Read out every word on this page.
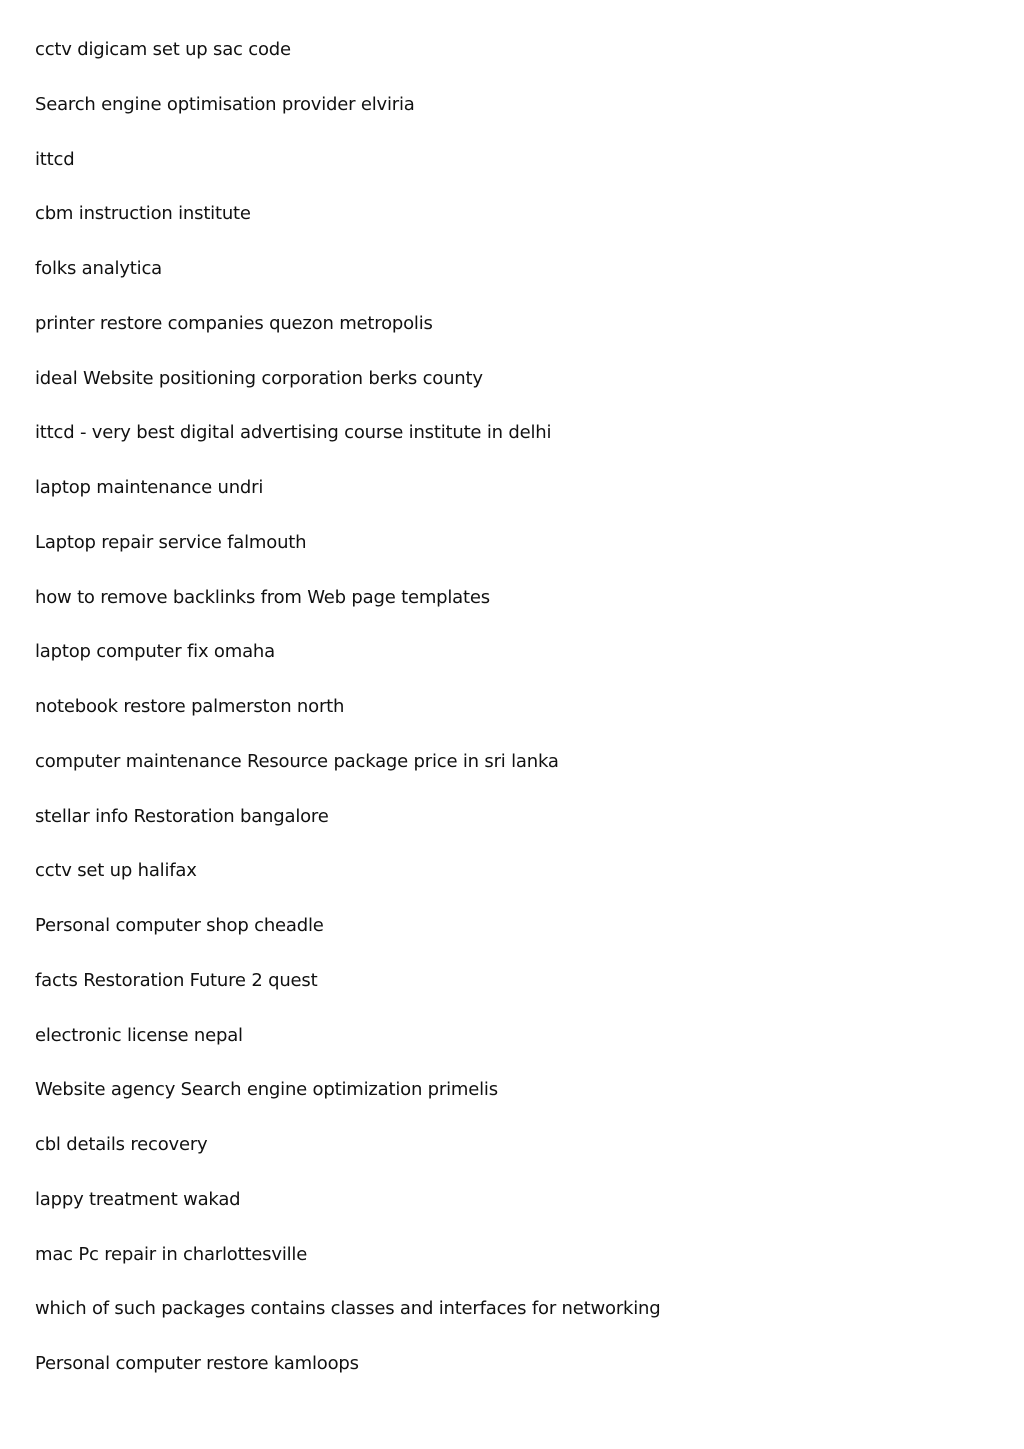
cctv digicam set up sac code
Search engine optimisation provider elviria
ittcd
cbm instruction institute
folks analytica
printer restore companies quezon metropolis
ideal Website positioning corporation berks county
ittcd - very best digital advertising course institute in delhi
laptop maintenance undri
Laptop repair service falmouth
how to remove backlinks from Web page templates
laptop computer fix omaha
notebook restore palmerston north
computer maintenance Resource package price in sri lanka
stellar info Restoration bangalore
cctv set up halifax
Personal computer shop cheadle
facts Restoration Future 2 quest
electronic license nepal
Website agency Search engine optimization primelis
cbl details recovery
lappy treatment wakad
mac Pc repair in charlottesville
which of such packages contains classes and interfaces for networking
Personal computer restore kamloops
